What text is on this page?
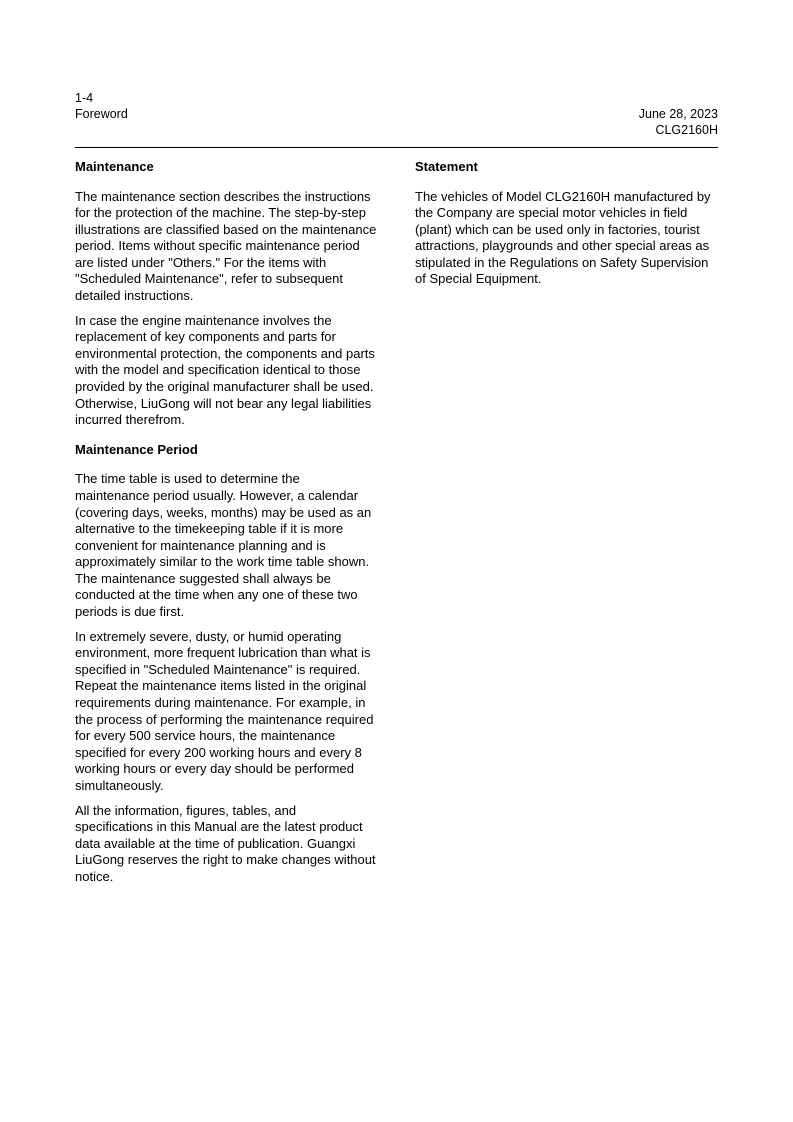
1-4
Foreword	June 28, 2023
CLG2160H
Maintenance

The maintenance section describes the instructions for the protection of the machine. The step-by-step illustrations are classified based on the maintenance period. Items without specific maintenance period are listed under "Others." For the items with "Scheduled Maintenance", refer to subsequent detailed instructions.

In case the engine maintenance involves the replacement of key components and parts for environmental protection, the components and parts with the model and specification identical to those provided by the original manufacturer shall be used. Otherwise, LiuGong will not bear any legal liabilities incurred therefrom.

Maintenance Period

The time table is used to determine the maintenance period usually. However, a calendar (covering days, weeks, months) may be used as an alternative to the timekeeping table if it is more convenient for maintenance planning and is approximately similar to the work time table shown. The maintenance suggested shall always be conducted at the time when any one of these two periods is due first.

In extremely severe, dusty, or humid operating environment, more frequent lubrication than what is specified in "Scheduled Maintenance" is required. Repeat the maintenance items listed in the original requirements during maintenance. For example, in the process of performing the maintenance required for every 500 service hours, the maintenance specified for every 200 working hours and every 8 working hours or every day should be performed simultaneously.

All the information, figures, tables, and specifications in this Manual are the latest product data available at the time of publication. Guangxi LiuGong reserves the right to make changes without notice.

Statement

The vehicles of Model CLG2160H manufactured by the Company are special motor vehicles in field (plant) which can be used only in factories, tourist attractions, playgrounds and other special areas as stipulated in the Regulations on Safety Supervision of Special Equipment.
